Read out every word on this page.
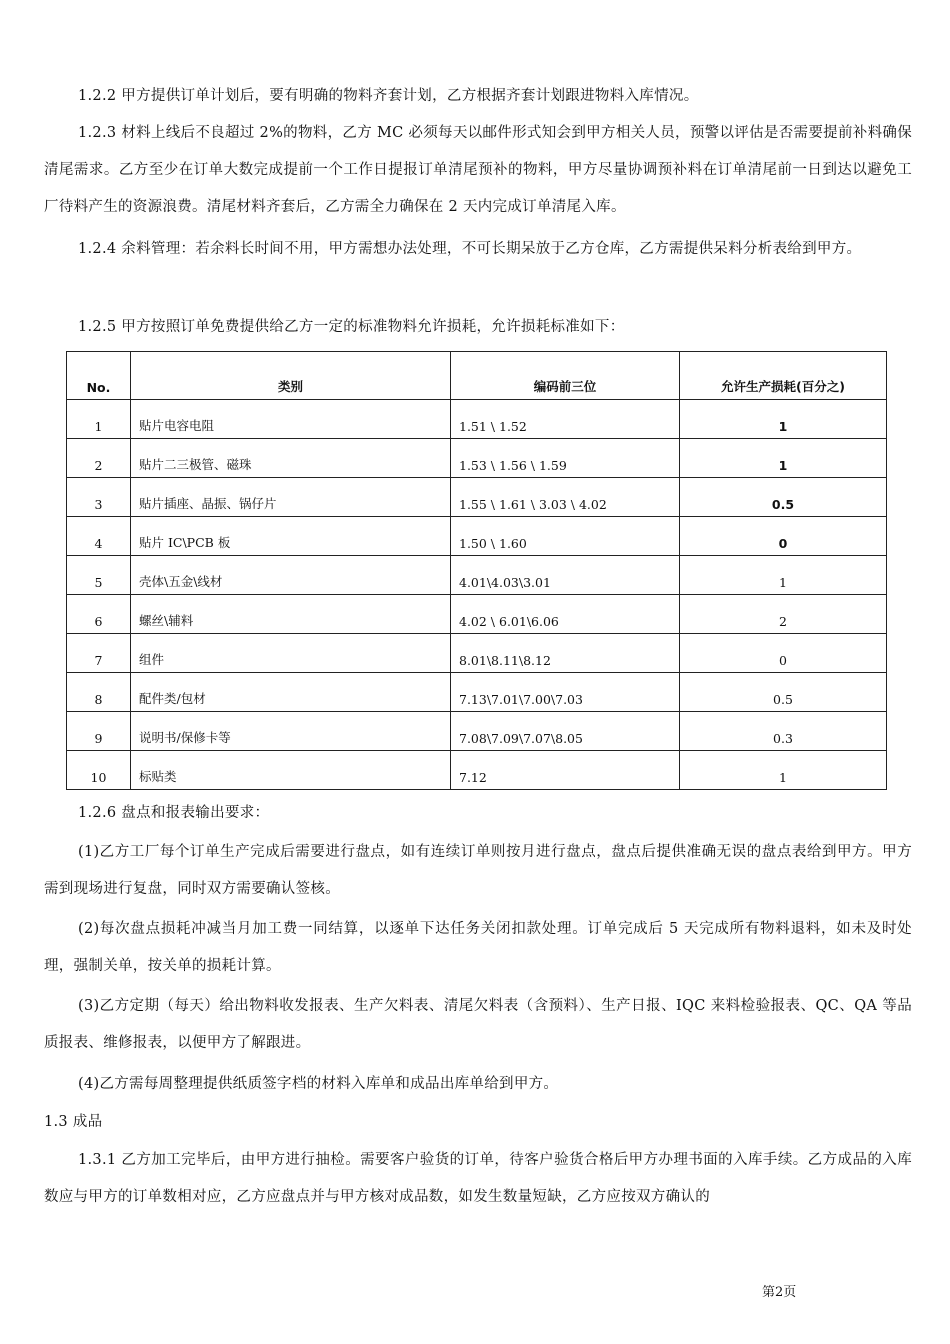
1.2.2 甲方提供订单计划后，要有明确的物料齐套计划，乙方根据齐套计划跟进物料入库情况。
1.2.3 材料上线后不良超过 2%的物料，乙方 MC 必须每天以邮件形式知会到甲方相关人员，预警以评估是否需要提前补料确保清尾需求。乙方至少在订单大数完成提前一个工作日提报订单清尾预补的物料，甲方尽量协调预补料在订单清尾前一日到达以避免工厂待料产生的资源浪费。清尾材料齐套后，乙方需全力确保在 2 天内完成订单清尾入库。
1.2.4 余料管理：若余料长时间不用，甲方需想办法处理，不可长期呆放于乙方仓库，乙方需提供呆料分析表给到甲方。
1.2.5 甲方按照订单免费提供给乙方一定的标准物料允许损耗，允许损耗标准如下：
No.	类别	编码前三位	允许生产损耗(百分之)
1	贴片电容电阻	1.51 \ 1.52	1
2	贴片二三极管、磁珠	1.53 \ 1.56 \ 1.59	1
3	贴片插座、晶振、锅仔片	1.55 \ 1.61 \ 3.03 \ 4.02	0.5
4	贴片 IC\PCB 板	1.50 \ 1.60	0
5	壳体\五金\线材	4.01\4.03\3.01	1
6	螺丝\辅料	4.02 \ 6.01\6.06	2
7	组件	8.01\8.11\8.12	0
8	配件类/包材	7.13\7.01\7.00\7.03	0.5
9	说明书/保修卡等	7.08\7.09\7.07\8.05	0.3
10	标贴类	7.12	1
1.2.6 盘点和报表输出要求：
(1)乙方工厂每个订单生产完成后需要进行盘点，如有连续订单则按月进行盘点，盘点后提供准确无误的盘点表给到甲方。甲方需到现场进行复盘，同时双方需要确认签核。
(2)每次盘点损耗冲减当月加工费一同结算，以逐单下达任务关闭扣款处理。订单完成后 5 天完成所有物料退料，如未及时处理，强制关单，按关单的损耗计算。
(3)乙方定期（每天）给出物料收发报表、生产欠料表、清尾欠料表（含预料）、生产日报、IQC 来料检验报表、QC、QA 等品质报表、维修报表，以便甲方了解跟进。
(4)乙方需每周整理提供纸质签字档的材料入库单和成品出库单给到甲方。
1.3 成品
1.3.1 乙方加工完毕后，由甲方进行抽检。需要客户验货的订单，待客户验货合格后甲方办理书面的入库手续。乙方成品的入库数应与甲方的订单数相对应，乙方应盘点并与甲方核对成品数，如发生数量短缺，乙方应按双方确认的
第2页
